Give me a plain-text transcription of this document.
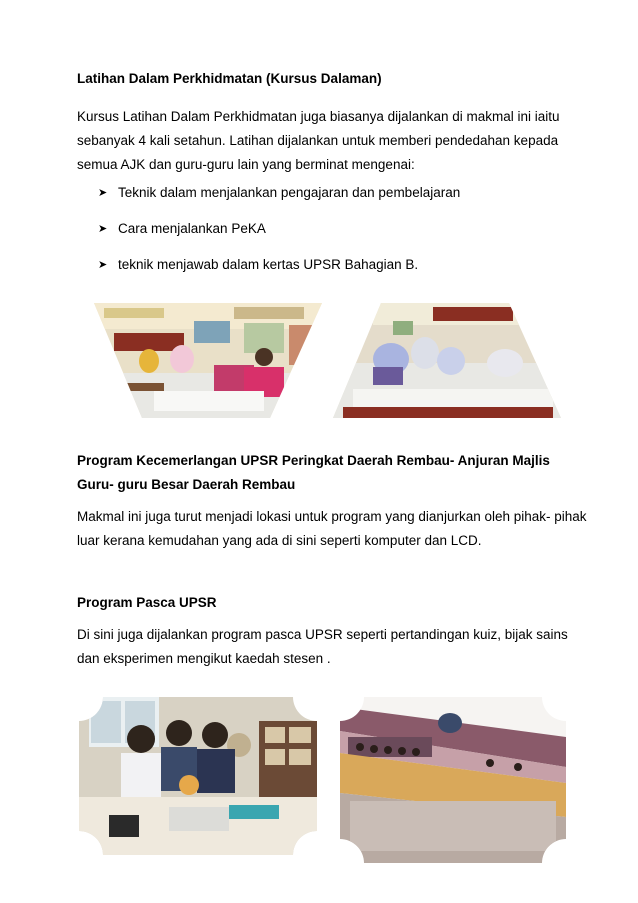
Latihan Dalam Perkhidmatan (Kursus Dalaman)
Kursus Latihan Dalam Perkhidmatan juga biasanya dijalankan di makmal ini iaitu
sebanyak 4 kali setahun. Latihan dijalankan untuk memberi pendedahan kepada
semua AJK dan guru-guru lain yang berminat mengenai:
➤ Teknik dalam menjalankan pengajaran dan pembelajaran
➤ Cara menjalankan PeKA
➤ teknik menjawab dalam kertas UPSR Bahagian B.
Program Kecemerlangan UPSR Peringkat Daerah Rembau- Anjuran Majlis
Guru- guru Besar Daerah Rembau
Makmal ini juga turut menjadi lokasi untuk program yang dianjurkan oleh pihak- pihak
luar kerana kemudahan yang ada di sini seperti komputer dan LCD.
Program Pasca UPSR
Di sini juga dijalankan program pasca UPSR seperti pertandingan kuiz, bijak sains
dan eksperimen mengikut kaedah stesen .
